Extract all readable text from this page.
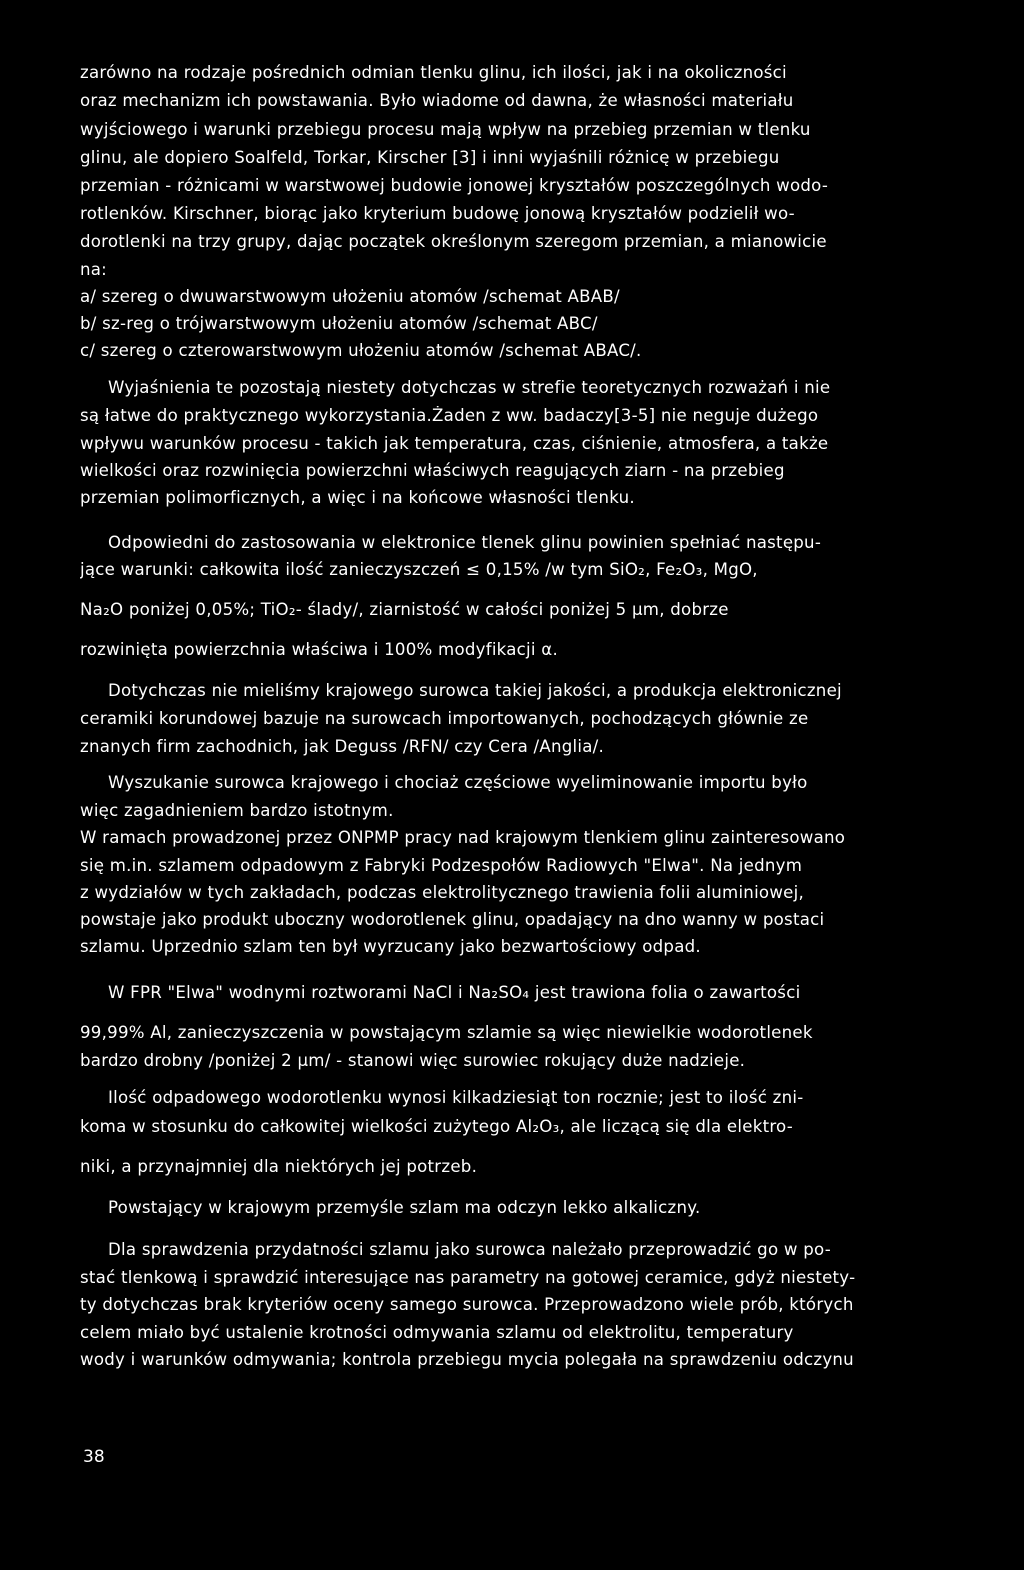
zarówno na rodzaje pośrednich odmian tlenku glinu, ich ilości, jak i na okoliczności
oraz mechanizm ich powstawania. Było wiadome od dawna, że własności materiału
wyjściowego i warunki przebiegu procesu mają wpływ na przebieg przemian w tlenku
glinu, ale dopiero Soalfeld, Torkar, Kirscher [3] i inni wyjaśnili różnicę w przebiegu
przemian - różnicami w warstwowej budowie jonowej kryształów poszczególnych wodo-
rotlenków. Kirschner, biorąc jako kryterium budowę jonową kryształów podzielił wo-
dorotlenki na trzy grupy, dając początek określonym szeregom przemian, a mianowicie
na:
a/ szereg o dwuwarstwowym ułożeniu atomów /schemat ABAB/
b/ sz-reg o trójwarstwowym ułożeniu atomów /schemat ABC/
c/ szereg o czterowarstwowym ułożeniu atomów /schemat ABAC/.
Wyjaśnienia te pozostają niestety dotychczas w strefie teoretycznych rozważań i nie
są łatwe do praktycznego wykorzystania.Żaden z ww. badaczy[3-5] nie neguje dużego
wpływu warunków procesu - takich jak temperatura, czas, ciśnienie, atmosfera, a także
wielkości oraz rozwinięcia powierzchni właściwych reagujących ziarn - na przebieg
przemian polimorficznych, a więc i na końcowe własności tlenku.
Odpowiedni do zastosowania w elektronice tlenek glinu powinien spełniać następu-
jące warunki: całkowita ilość zanieczyszczeń ≤ 0,15% /w tym SiO₂, Fe₂O₃, MgO,
Na₂O poniżej 0,05%; TiO₂- ślady/, ziarnistość w całości poniżej 5 μm, dobrze
rozwinięta powierzchnia właściwa i 100% modyfikacji α.
Dotychczas nie mieliśmy krajowego surowca takiej jakości, a produkcja elektronicznej
ceramiki korundowej bazuje na surowcach importowanych, pochodzących głównie ze
znanych firm zachodnich, jak Deguss /RFN/ czy Cera /Anglia/.
Wyszukanie surowca krajowego i chociaż częściowe wyeliminowanie importu było
więc zagadnieniem bardzo istotnym.
W ramach prowadzonej przez ONPMP pracy nad krajowym tlenkiem glinu zainteresowano
się m.in. szlamem odpadowym z Fabryki Podzespołów Radiowych "Elwa". Na jednym
z wydziałów w tych zakładach, podczas elektrolitycznego trawienia folii aluminiowej,
powstaje jako produkt uboczny wodorotlenek glinu, opadający na dno wanny w postaci
szlamu. Uprzednio szlam ten był wyrzucany jako bezwartościowy odpad.
W FPR "Elwa" wodnymi roztworami NaCl i Na₂SO₄ jest trawiona folia o zawartości
99,99% Al, zanieczyszczenia w powstającym szlamie są więc niewielkie wodorotlenek
bardzo drobny /poniżej 2 μm/ - stanowi więc surowiec rokujący duże nadzieje.
Ilość odpadowego wodorotlenku wynosi kilkadziesiąt ton rocznie; jest to ilość zni-
koma w stosunku do całkowitej wielkości zużytego Al₂O₃, ale liczącą się dla elektro-
niki, a przynajmniej dla niektórych jej potrzeb.
Powstający w krajowym przemyśle szlam ma odczyn lekko alkaliczny.
Dla sprawdzenia przydatności szlamu jako surowca należało przeprowadzić go w po-
stać tlenkową i sprawdzić interesujące nas parametry na gotowej ceramice, gdyż niestety-
ty dotychczas brak kryteriów oceny samego surowca. Przeprowadzono wiele prób, których
celem miało być ustalenie krotności odmywania szlamu od elektrolitu, temperatury
wody i warunków odmywania; kontrola przebiegu mycia polegała na sprawdzeniu odczynu
38
